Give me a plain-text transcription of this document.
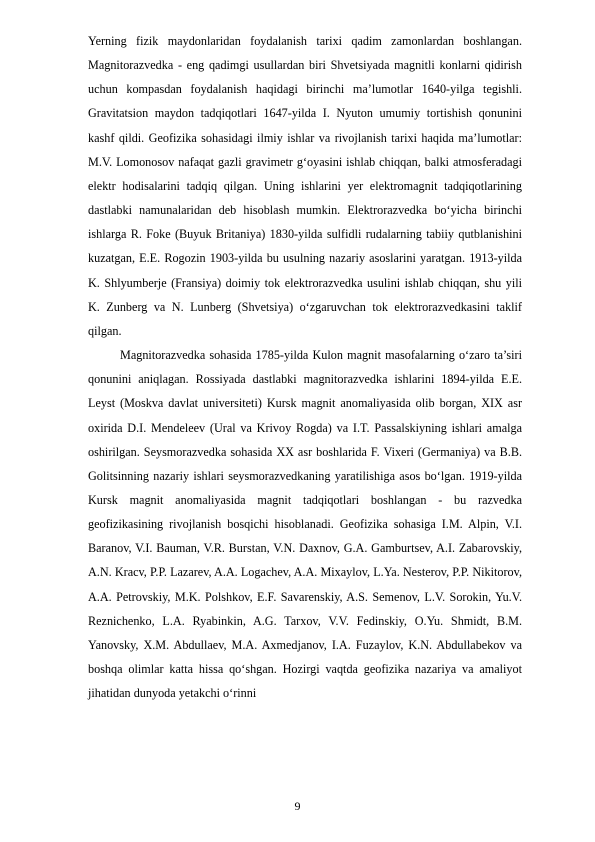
Yerning fizik maydonlaridan foydalanish tarixi qadim zamonlardan boshlangan. Magnitorazvedka - eng qadimgi usullardan biri Shvetsiyada magnitli konlarni qidirish uchun kompasdan foydalanish haqidagi birinchi ma’lumotlar 1640-yilga tegishli. Gravitatsion maydon tadqiqotlari 1647-yilda I. Nyuton umumiy tortishish qonunini kashf qildi. Geofizika sohasidagi ilmiy ishlar va rivojlanish tarixi haqida ma’lumotlar: M.V. Lomonosov nafaqat gazli gravimetr g‘oyasini ishlab chiqqan, balki atmosferadagi elektr hodisalarini tadqiq qilgan. Uning ishlarini yer elektromagnit tadqiqotlarining dastlabki namunalaridan deb hisoblash mumkin. Elektrorazvedka bo‘yicha birinchi ishlarga R. Foke (Buyuk Britaniya) 1830-yilda sulfidli rudalarning tabiiy qutblanishini kuzatgan, E.E. Rogozin 1903-yilda bu usulning nazariy asoslarini yaratgan. 1913-yilda K. Shlyumberje (Fransiya) doimiy tok elektrorazvedka usulini ishlab chiqqan, shu yili K. Zunberg va N. Lunberg (Shvetsiya) o‘zgaruvchan tok elektrorazvedkasini taklif qilgan.

Magnitorazvedka sohasida 1785-yilda Kulon magnit masofalarning o‘zaro ta’siri qonunini aniqlagan. Rossiyada dastlabki magnitorazvedka ishlarini 1894-yilda E.E. Leyst (Moskva davlat universiteti) Kursk magnit anomaliyasida olib borgan, XIX asr oxirida D.I. Mendeleev (Ural va Krivoy Rogda) va I.T. Passalskiyning ishlari amalga oshirilgan. Seysmorazvedka sohasida XX asr boshlarida F. Vixeri (Germaniya) va B.B. Golitsinning nazariy ishlari seysmorazvedkaning yaratilishiga asos bo‘lgan. 1919-yilda Kursk magnit anomaliyasida magnit tadqiqotlari boshlangan - bu razvedka geofizikasining rivojlanish bosqichi hisoblanadi. Geofizika sohasiga I.M. Alpin, V.I. Baranov, V.I. Bauman, V.R. Burstan, V.N. Daxnov, G.A. Gamburtsev, A.I. Zabarovskiy, A.N. Kracv, P.P. Lazarev, A.A. Logachev, A.A. Mixaylov, L.Ya. Nesterov, P.P. Nikitorov, A.A. Petrovskiy, M.K. Polshkov, E.F. Savarenskiy, A.S. Semenov, L.V. Sorokin, Yu.V. Reznichenko, L.A. Ryabinkin, A.G. Tarxov, V.V. Fedinskiy, O.Yu. Shmidt, B.M. Yanovsky, X.M. Abdullaev, M.A. Axmedjanov, I.A. Fuzaylov, K.N. Abdullabekov va boshqa olimlar katta hissa qo‘shgan. Hozirgi vaqtda geofizika nazariya va amaliyot jihatidan dunyoda yetakchi o‘rinni

9
